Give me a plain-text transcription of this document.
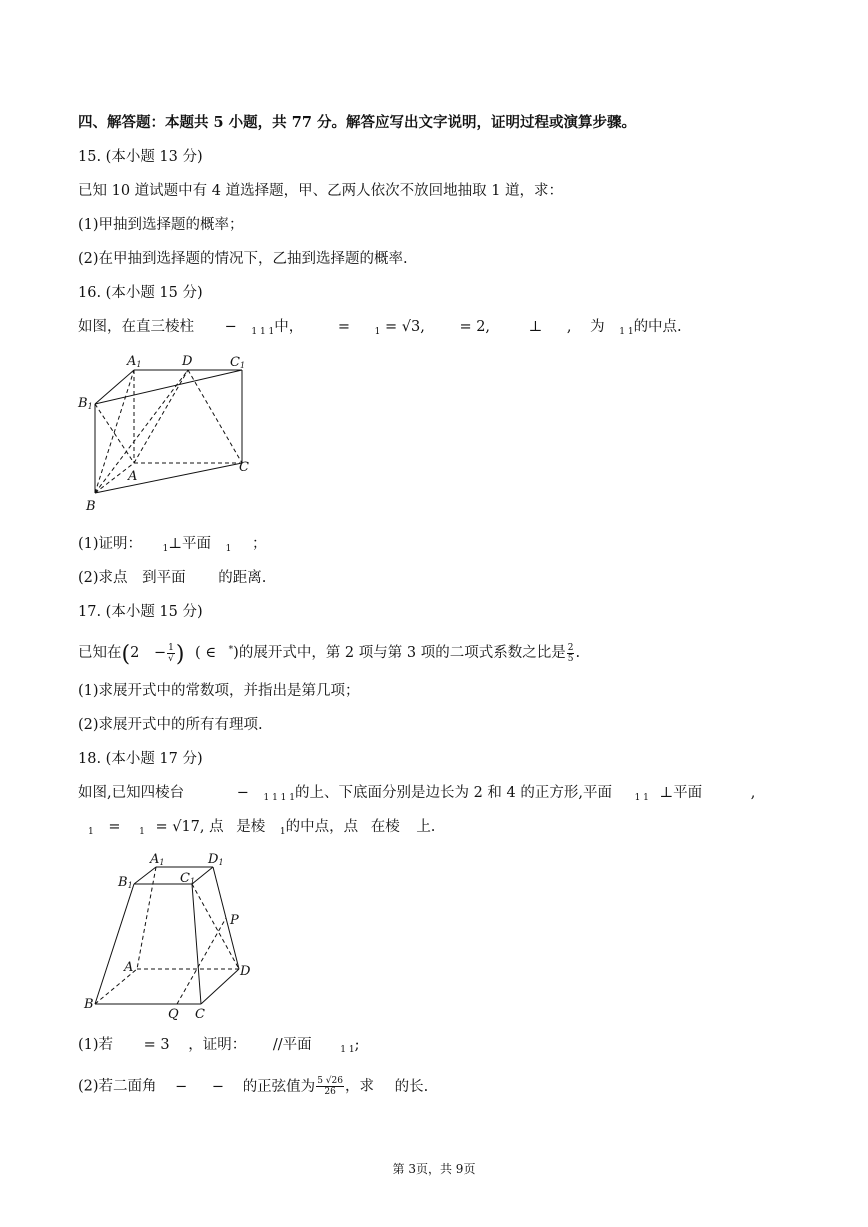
四、解答题：本题共 5 小题，共 77 分。解答应写出文字说明，证明过程或演算步骤。
15. (本小题 13 分)
已知 10 道试题中有 4 道选择题，甲、乙两人依次不放回地抽取 1 道，求：
(1)甲抽到选择题的概率；
(2)在甲抽到选择题的情况下，乙抽到选择题的概率.
16. (本小题 15 分)
如图，在直三棱柱 − $_{1 1 1}$中， =	$_1$ = √3, = 2,	⊥ , 为 $_{1 1}$的中点.
A1	D	C1
B1
A
C
B
(1)证明： $_1$⊥平面 $_1$ ；
(2)求点 到平面 的距离.
17. (本小题 15 分)
已知在($2 - \frac{1}{√}$ ) ( ∈ *)的展开式中，第 2 项与第 3 项的二项式系数之比是 $\frac{2}{5}$ .
(1)求展开式中的常数项，并指出是第几项；
(2)求展开式中的所有有理项.
18. (本小题 17 分)
如图,已知四棱台	− $_{1 1 1 1}$的上、下底面分别是边长为 2 和 4 的正方形,平面	$_{1 1}$ ⊥平面	,
$_1$ = $_1$ = √17, 点 是棱 $_1$的中点，点 在棱 上.
A1	D1
B1	C1
P
A	D
B
Q C
(1)若 = 3 ，证明： //平面	$_{1 1}$;
(2)若二面角 − − 的正弦值为 $\frac{5 √26}{26}$ ，求 的长.
第 3页，共 9页
